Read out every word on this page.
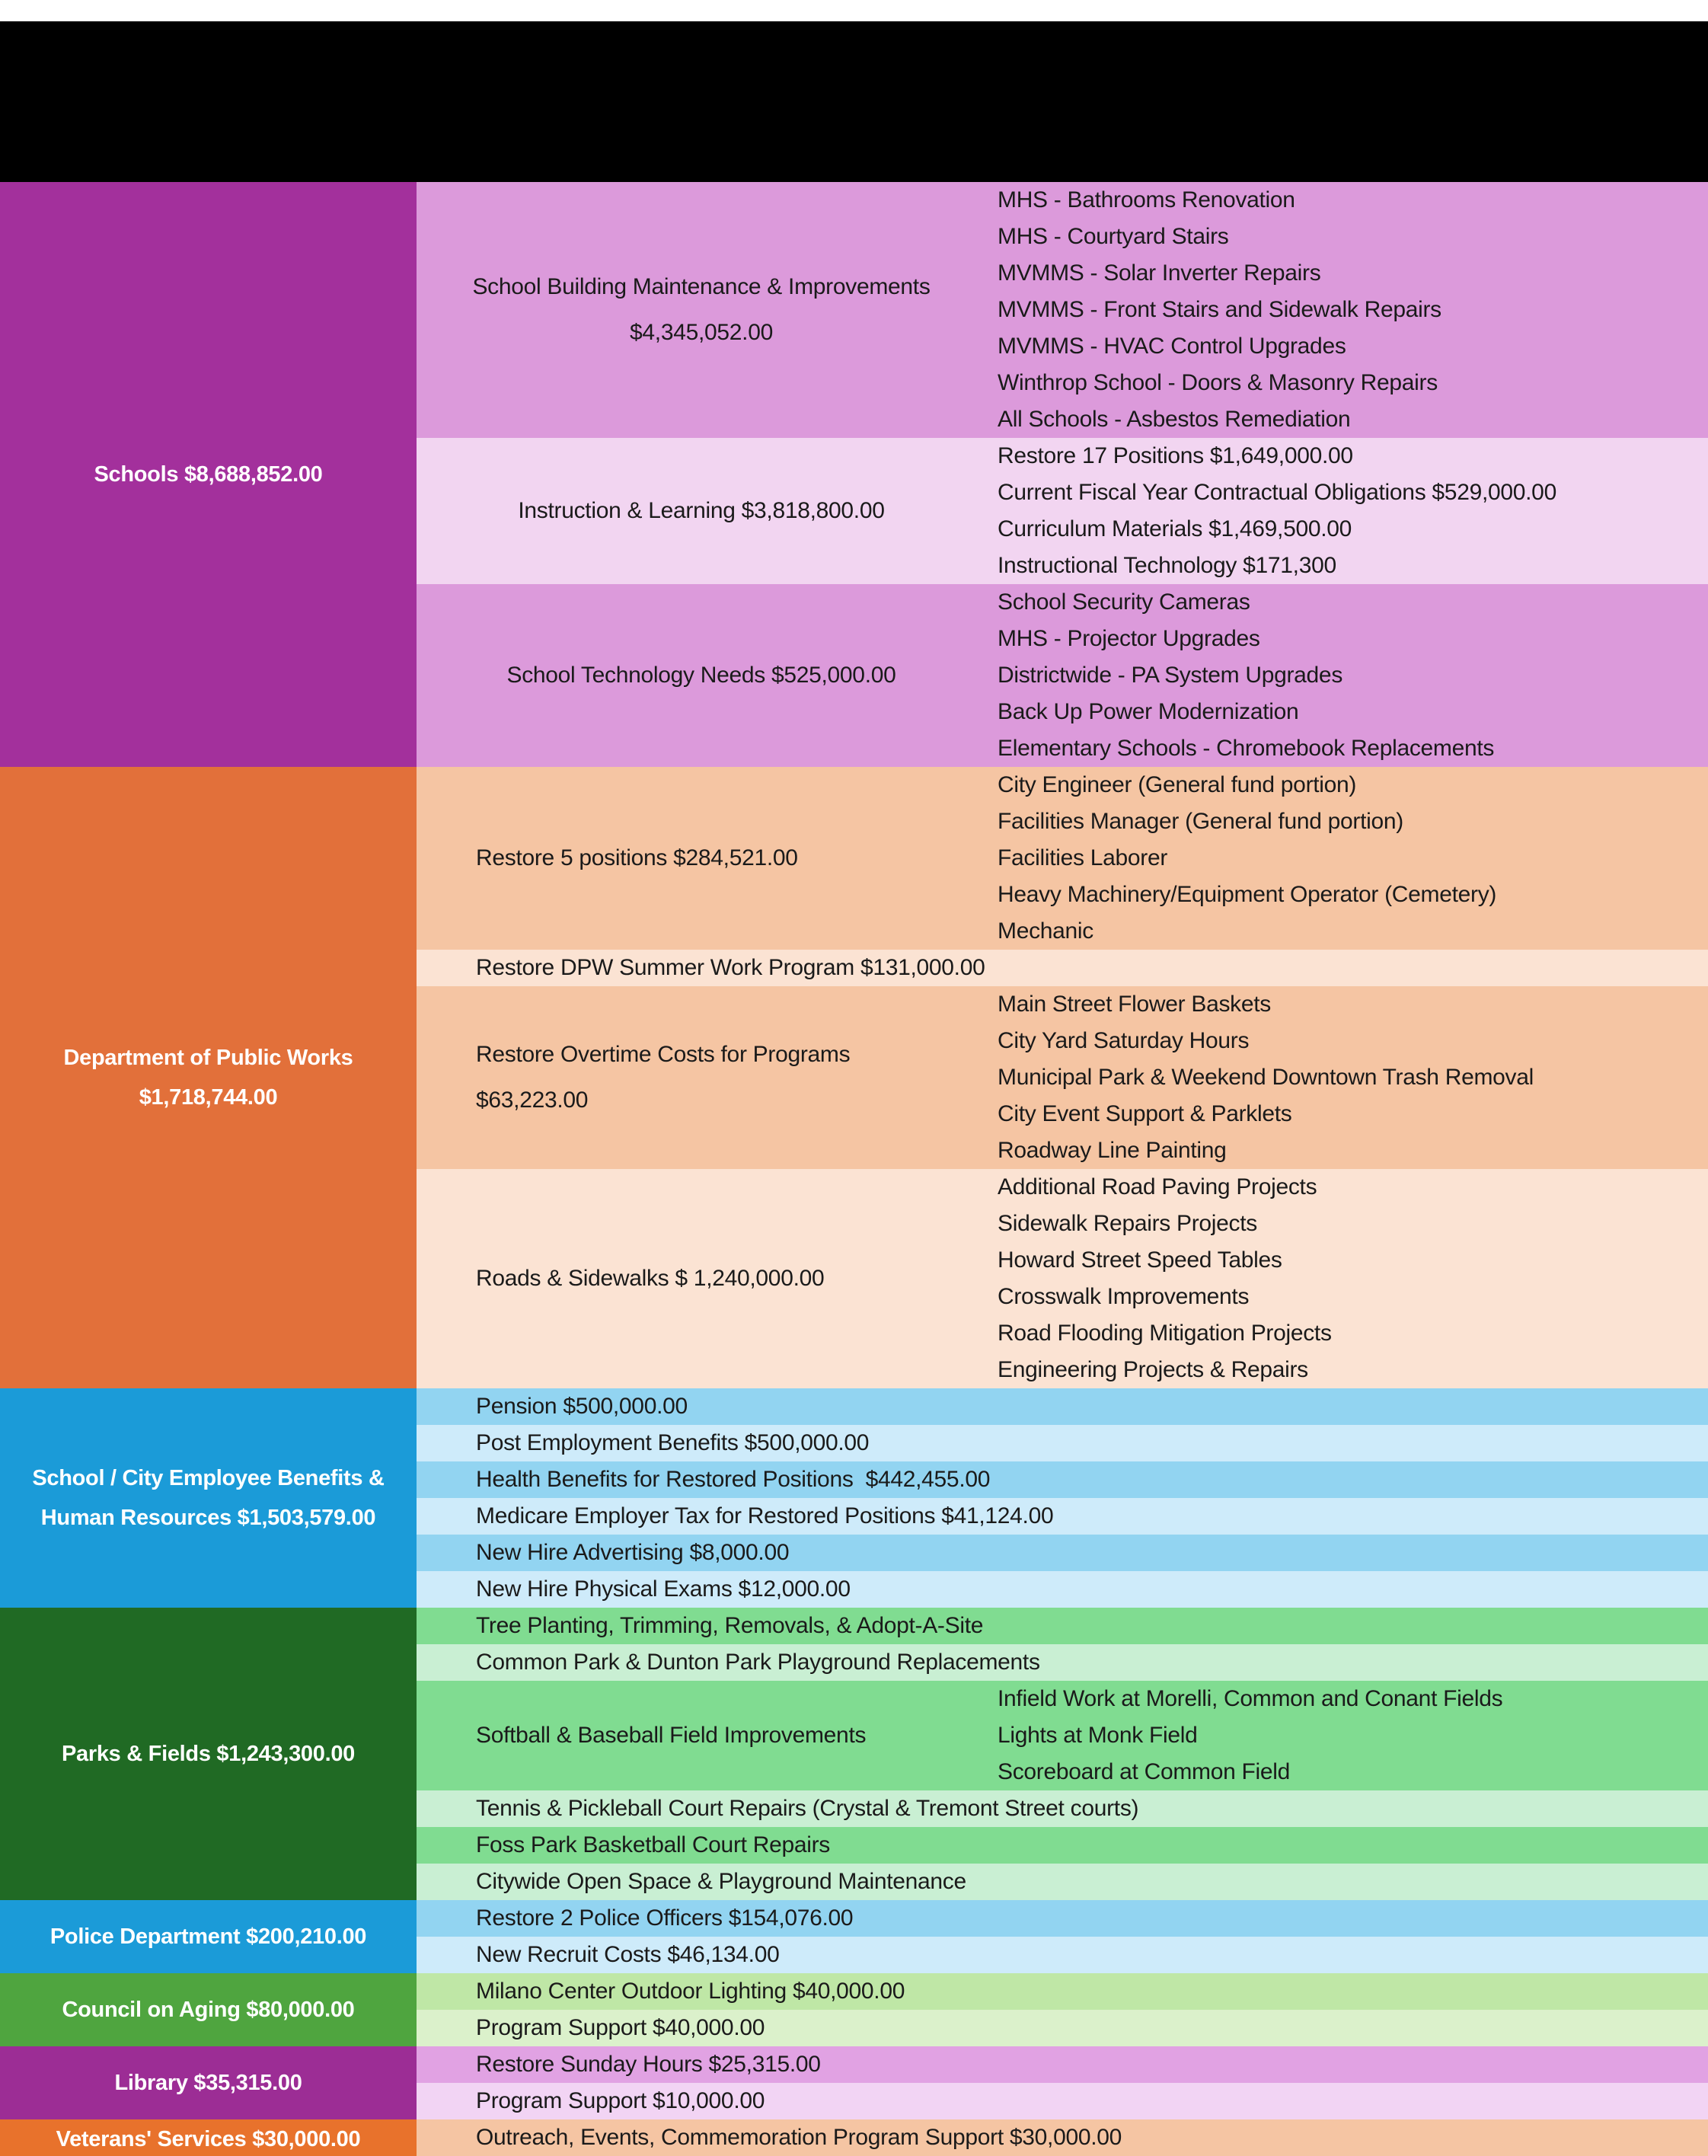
Schools $8,688,852.00
School Building Maintenance & Improvements
$4,345,052.00
MHS - Bathrooms Renovation
MHS - Courtyard Stairs
MVMMS - Solar Inverter Repairs
MVMMS - Front Stairs and Sidewalk Repairs
MVMMS - HVAC Control Upgrades
Winthrop School - Doors & Masonry Repairs
All Schools - Asbestos Remediation
Instruction & Learning $3,818,800.00
Restore 17 Positions $1,649,000.00
Current Fiscal Year Contractual Obligations $529,000.00
Curriculum Materials $1,469,500.00
Instructional Technology $171,300
School Technology Needs $525,000.00
School Security Cameras
MHS - Projector Upgrades
Districtwide - PA System Upgrades
Back Up Power Modernization
Elementary Schools - Chromebook Replacements
Department of Public Works
$1,718,744.00
Restore 5 positions $284,521.00
City Engineer (General fund portion)
Facilities Manager (General fund portion)
Facilities Laborer
Heavy Machinery/Equipment Operator (Cemetery)
Mechanic
Restore DPW Summer Work Program $131,000.00
Restore Overtime Costs for Programs
$63,223.00
Main Street Flower Baskets
City Yard Saturday Hours
Municipal Park & Weekend Downtown Trash Removal
City Event Support & Parklets
Roadway Line Painting
Roads & Sidewalks $ 1,240,000.00
Additional Road Paving Projects
Sidewalk Repairs Projects
Howard Street Speed Tables
Crosswalk Improvements
Road Flooding Mitigation Projects
Engineering Projects & Repairs
School / City Employee Benefits &
Human Resources $1,503,579.00
Pension $500,000.00
Post Employment Benefits $500,000.00
Health Benefits for Restored Positions  $442,455.00
Medicare Employer Tax for Restored Positions $41,124.00
New Hire Advertising $8,000.00
New Hire Physical Exams $12,000.00
Parks & Fields $1,243,300.00
Tree Planting, Trimming, Removals, & Adopt-A-Site
Common Park & Dunton Park Playground Replacements
Softball & Baseball Field Improvements
Infield Work at Morelli, Common and Conant Fields
Lights at Monk Field
Scoreboard at Common Field
Tennis & Pickleball Court Repairs (Crystal & Tremont Street courts)
Foss Park Basketball Court Repairs
Citywide Open Space & Playground Maintenance
Police Department $200,210.00
Restore 2 Police Officers $154,076.00
New Recruit Costs $46,134.00
Council on Aging $80,000.00
Milano Center Outdoor Lighting $40,000.00
Program Support $40,000.00
Library $35,315.00
Restore Sunday Hours $25,315.00
Program Support $10,000.00
Veterans' Services $30,000.00	Outreach, Events, Commemoration Program Support $30,000.00
